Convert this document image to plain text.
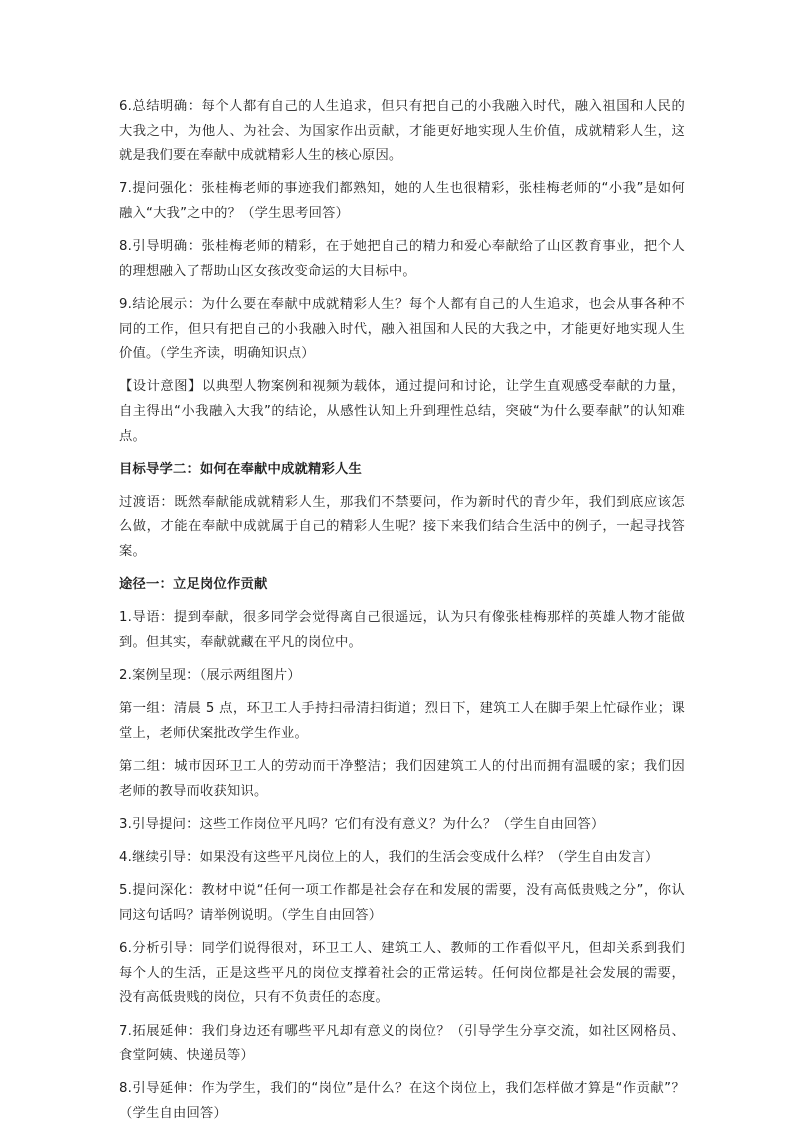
6.总结明确：每个人都有自己的人生追求，但只有把自己的小我融入时代，融入祖国和人民的大我之中，为他人、为社会、为国家作出贡献，才能更好地实现人生价值，成就精彩人生，这就是我们要在奉献中成就精彩人生的核心原因。

7.提问强化：张桂梅老师的事迹我们都熟知，她的人生也很精彩，张桂梅老师的“小我”是如何融入“大我”之中的？（学生思考回答）

8.引导明确：张桂梅老师的精彩，在于她把自己的精力和爱心奉献给了山区教育事业，把个人的理想融入了帮助山区女孩改变命运的大目标中。

9.结论展示：为什么要在奉献中成就精彩人生？每个人都有自己的人生追求，也会从事各种不同的工作，但只有把自己的小我融入时代，融入祖国和人民的大我之中，才能更好地实现人生价值。（学生齐读，明确知识点）

【设计意图】以典型人物案例和视频为载体，通过提问和讨论，让学生直观感受奉献的力量，自主得出“小我融入大我”的结论，从感性认知上升到理性总结，突破“为什么要奉献”的认知难点。

目标导学二：如何在奉献中成就精彩人生

过渡语：既然奉献能成就精彩人生，那我们不禁要问，作为新时代的青少年，我们到底应该怎么做，才能在奉献中成就属于自己的精彩人生呢？接下来我们结合生活中的例子，一起寻找答案。

途径一：立足岗位作贡献

1.导语：提到奉献，很多同学会觉得离自己很遥远，认为只有像张桂梅那样的英雄人物才能做到。但其实，奉献就藏在平凡的岗位中。

2.案例呈现：（展示两组图片）

第一组：清晨 5 点，环卫工人手持扫帚清扫街道；烈日下，建筑工人在脚手架上忙碌作业；课堂上，老师伏案批改学生作业。

第二组：城市因环卫工人的劳动而干净整洁；我们因建筑工人的付出而拥有温暖的家；我们因老师的教导而收获知识。

3.引导提问：这些工作岗位平凡吗？它们有没有意义？为什么？（学生自由回答）

4.继续引导：如果没有这些平凡岗位上的人，我们的生活会变成什么样？（学生自由发言）

5.提问深化：教材中说“任何一项工作都是社会存在和发展的需要，没有高低贵贱之分”，你认同这句话吗？请举例说明。（学生自由回答）

6.分析引导：同学们说得很对，环卫工人、建筑工人、教师的工作看似平凡，但却关系到我们每个人的生活，正是这些平凡的岗位支撑着社会的正常运转。任何岗位都是社会发展的需要，没有高低贵贱的岗位，只有不负责任的态度。

7.拓展延伸：我们身边还有哪些平凡却有意义的岗位？（引导学生分享交流，如社区网格员、食堂阿姨、快递员等）

8.引导延伸：作为学生，我们的“岗位”是什么？在这个岗位上，我们怎样做才算是“作贡献”？（学生自由回答）
